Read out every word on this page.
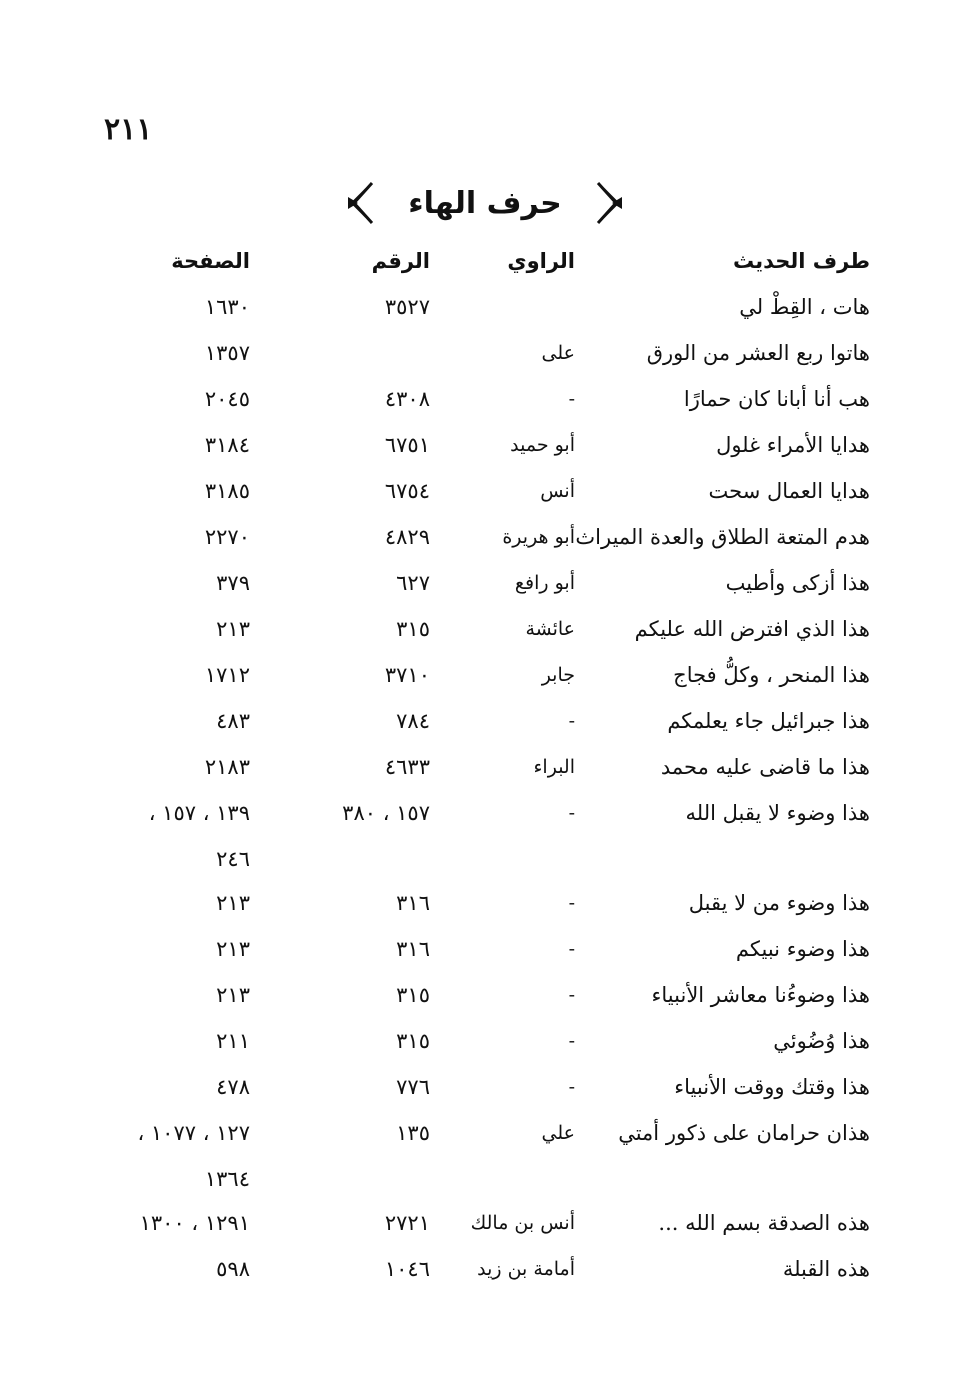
٢١١
حرف الهاء
طرف الحديث
الراوي
الرقم
الصفحة
هات ، القِطْ لي
٣٥٢٧
١٦٣٠
هاتوا ربع العشر من الورق
على
١٣٥٧
هب أنا أبانا كان حمارًا
-
٤٣٠٨
٢٠٤٥
هدايا الأمراء غلول
أبو حميد
٦٧٥١
٣١٨٤
هدايا العمال سحت
أنس
٦٧٥٤
٣١٨٥
هدم المتعة الطلاق والعدة الميراث
أبو هريرة
٤٨٢٩
٢٢٧٠
هذا أزكى وأطيب
أبو رافع
٦٢٧
٣٧٩
هذا الذي افترض الله عليكم
عائشة
٣١٥
٢١٣
هذا المنحر ، وكلُّ فجاج
جابر
٣٧١٠
١٧١٢
هذا جبرائيل جاء يعلمكم
-
٧٨٤
٤٨٣
هذا ما قاضى عليه محمد
البراء
٤٦٣٣
٢١٨٣
هذا وضوء لا يقبل الله
-
١٥٧ ، ٣٨٠
١٣٩ ، ١٥٧ ،
٢٤٦
هذا وضوء من لا يقبل
-
٣١٦
٢١٣
هذا وضوء نبيكم
-
٣١٦
٢١٣
هذا وضوءُنا معاشر الأنبياء
-
٣١٥
٢١٣
هذا وُضُوئي
-
٣١٥
٢١١
هذا وقتك ووقت الأنبياء
-
٧٧٦
٤٧٨
هذان حرامان على ذكور أمتي
علي
١٣٥
١٢٧ ، ١٠٧٧ ،
١٣٦٤
هذه الصدقة بسم الله ...
أنس بن مالك
٢٧٢١
١٢٩١ ، ١٣٠٠
هذه القبلة
أمامة بن زيد
١٠٤٦
٥٩٨
